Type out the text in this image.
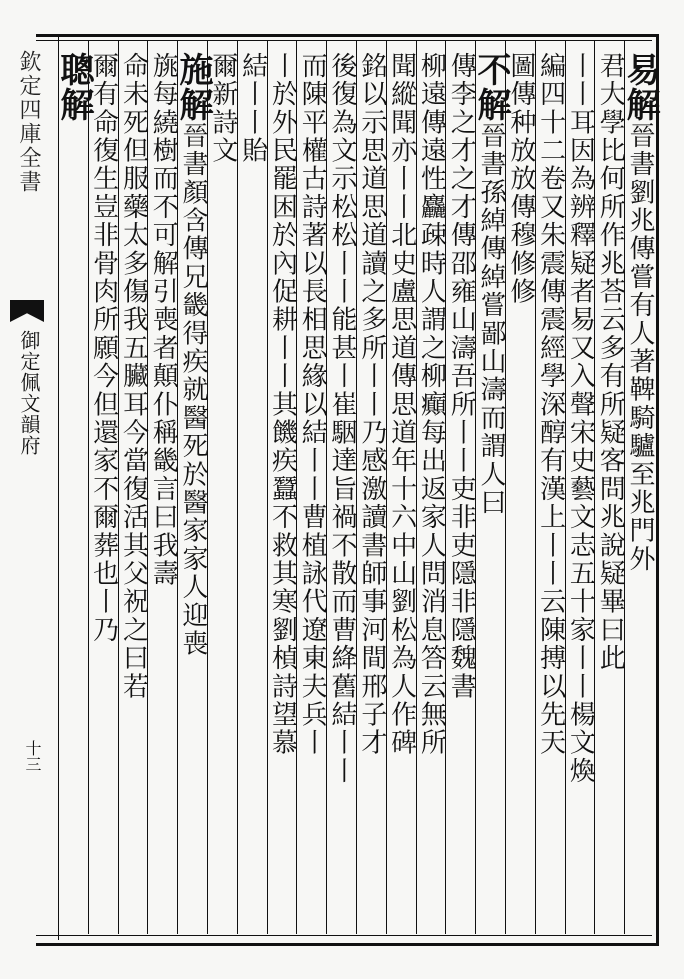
欽定四庫全書
御定佩文韻府
十三
易解晉書劉兆傳嘗有人著鞞騎驢至兆門外
君大學比何所作兆荅云多有所疑客問兆說疑畢曰此
丨丨耳因為辨釋疑者易又入聲宋史藝文志五十家丨丨楊文煥
編四十二卷又朱震傳震經學深醇有漢上丨丨云陳搏以先天
圖傳种放放傳穆修修
不解晉書孫綽傳綽嘗鄙山濤而謂人曰
傳李之才之才傳邵雍山濤吾所丨丨吏非吏隱非隱魏書
柳遠傳遠性麤疎時人謂之柳癲每出返家人問消息答云無所
聞縱聞亦丨丨北史盧思道傳思道年十六中山劉松為人作碑
銘以示思道思道讀之多所丨丨乃感激讀書師事河間邢子才
後復為文示松松丨丨能甚丨崔駰達旨禍不散而曹絳舊結丨丨
而陳平權古詩著以長相思緣以結丨丨曹植詠代遼東夫兵丨
丨於外民罷困於內促耕丨丨其饑疾蠶不救其寒劉楨詩望慕
結丨丨貽
爾新詩文
施解晉書顏含傳兄畿得疾就醫死於醫家家人迎喪
旐每繞樹而不可解引喪者顛仆稱畿言曰我壽
命未死但服藥太多傷我五臟耳今當復活其父祝之曰若
爾有命復生豈非骨肉所願今但還家不爾葬也丨乃
聰解
